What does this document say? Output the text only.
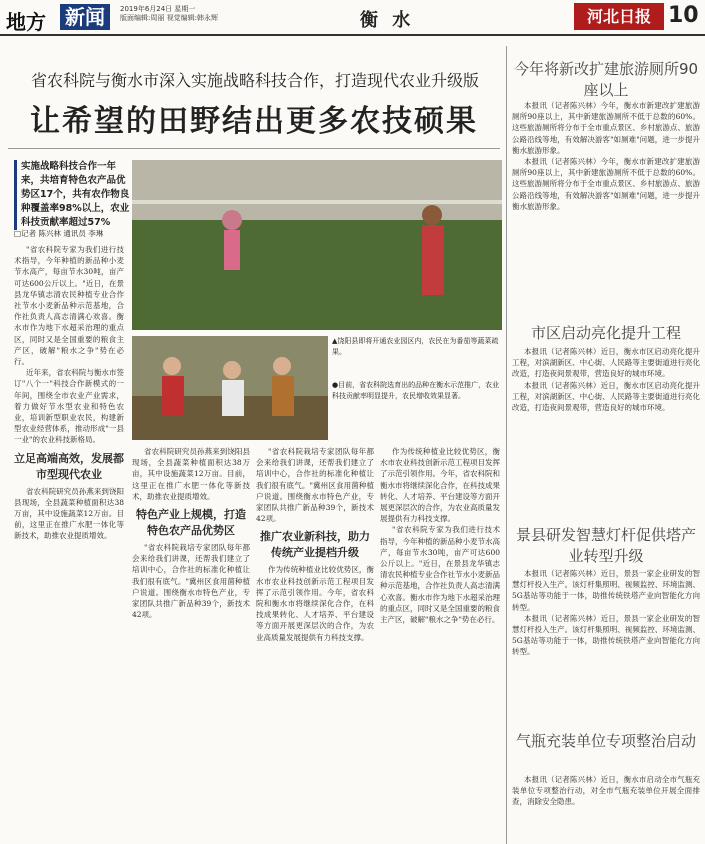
地方 新闻	2019年6月24日 星期一
版面编辑:周丽 视觉编辑:韩永辉	衡 水	河北日报 10
省农科院与衡水市深入实施战略科技合作，打造现代农业升级版
让希望的田野结出更多农技硕果
实施战略科技合作一年来，共培育特色农产品优势区17个，共有农作物良种覆盖率98%以上，农业科技贡献率超过57%
□记者 陈兴林 通讯员 李琳
▲饶阳县即将开通农业园区内，农民在为番茄等蔬菜疏果。
●目前，省农科院选育出的品种在衡水示范推广，农业科技贡献率明显提升，农民增收效果显著。

"省农科院专家为我们进行技术指导，今年种植的新品种小麦节水高产，每亩节水30吨，亩产可达600公斤以上。"近日，在景县龙华镇志清农民种植专业合作社节水小麦新品种示范基地，合作社负责人高志清满心欢喜。衡水市作为地下水超采治理的重点区，同时又是全国重要的粮食主产区，破解"粮水之争"势在必行。

近年来，省农科院与衡水市签订"八个一"科技合作新模式的一年间，围绕全市农业产业需求，着力做好节水型农业和特色农业，培训新型职业农民，构建新型农业经营体系，推动形成"一县一业"的农业科技新格局。

立足高端高效，发展都市型现代农业

省农科院研究员孙燕来到饶阳县现场，全县蔬菜种植面积达38万亩，其中设施蔬菜12万亩。目前，这里正在推广水肥一体化等新技术，助推农业提质增效。

省农科院研究员孙燕来到饶阳县现场，全县蔬菜种植面积达38万亩，其中设施蔬菜12万亩。目前，这里正在推广水肥一体化等新技术，助推农业提质增效。

特色产业上规模，打造特色农产品优势区

"省农科院栽培专家团队每年都会来给我们讲课，还帮我们建立了培训中心，合作社的标准化种植让我们很有底气。"冀州区食用菌种植户说道。围绕衡水市特色产业，专家团队共推广新品种39个，新技术42项。

"省农科院栽培专家团队每年都会来给我们讲课，还帮我们建立了培训中心，合作社的标准化种植让我们很有底气。"冀州区食用菌种植户说道。围绕衡水市特色产业，专家团队共推广新品种39个，新技术42项。

推广农业新科技，助力传统产业提档升级

作为传统种植业比较优势区，衡水市农业科技创新示范工程项目发挥了示范引领作用。今年，省农科院和衡水市将继续深化合作，在科技成果转化、人才培养、平台建设等方面开展更深层次的合作，为农业高质量发展提供有力科技支撑。

作为传统种植业比较优势区，衡水市农业科技创新示范工程项目发挥了示范引领作用。今年，省农科院和衡水市将继续深化合作，在科技成果转化、人才培养、平台建设等方面开展更深层次的合作，为农业高质量发展提供有力科技支撑。

"省农科院专家为我们进行技术指导，今年种植的新品种小麦节水高产，每亩节水30吨，亩产可达600公斤以上。"近日，在景县龙华镇志清农民种植专业合作社节水小麦新品种示范基地，合作社负责人高志清满心欢喜。衡水市作为地下水超采治理的重点区，同时又是全国重要的粮食主产区，破解"粮水之争"势在必行。

今年将新改扩建旅游厕所90座以上

本报讯（记者陈兴林）今年，衡水市新建改扩建旅游厕所90座以上，其中新建旅游厕所不低于总数的60%。这些旅游厕所将分布于全市重点景区、乡村旅游点、旅游公路沿线等地，有效解决游客"如厕难"问题，进一步提升衡水旅游形象。

本报讯（记者陈兴林）今年，衡水市新建改扩建旅游厕所90座以上，其中新建旅游厕所不低于总数的60%。这些旅游厕所将分布于全市重点景区、乡村旅游点、旅游公路沿线等地，有效解决游客"如厕难"问题，进一步提升衡水旅游形象。

市区启动亮化提升工程

本报讯（记者陈兴林）近日，衡水市区启动亮化提升工程，对滨湖新区、中心街、人民路等主要街道进行亮化改造，打造夜间景观带，营造良好的城市环境。

本报讯（记者陈兴林）近日，衡水市区启动亮化提升工程，对滨湖新区、中心街、人民路等主要街道进行亮化改造，打造夜间景观带，营造良好的城市环境。

景县研发智慧灯杆促供塔产业转型升级

本报讯（记者陈兴林）近日，景县一家企业研发的智慧灯杆投入生产。该灯杆集照明、视频监控、环境监测、5G基站等功能于一体，助推传统铁塔产业向智能化方向转型。

本报讯（记者陈兴林）近日，景县一家企业研发的智慧灯杆投入生产。该灯杆集照明、视频监控、环境监测、5G基站等功能于一体，助推传统铁塔产业向智能化方向转型。

气瓶充装单位专项整治启动

本报讯（记者陈兴林）近日，衡水市启动全市气瓶充装单位专项整治行动，对全市气瓶充装单位开展全面排查，消除安全隐患。
